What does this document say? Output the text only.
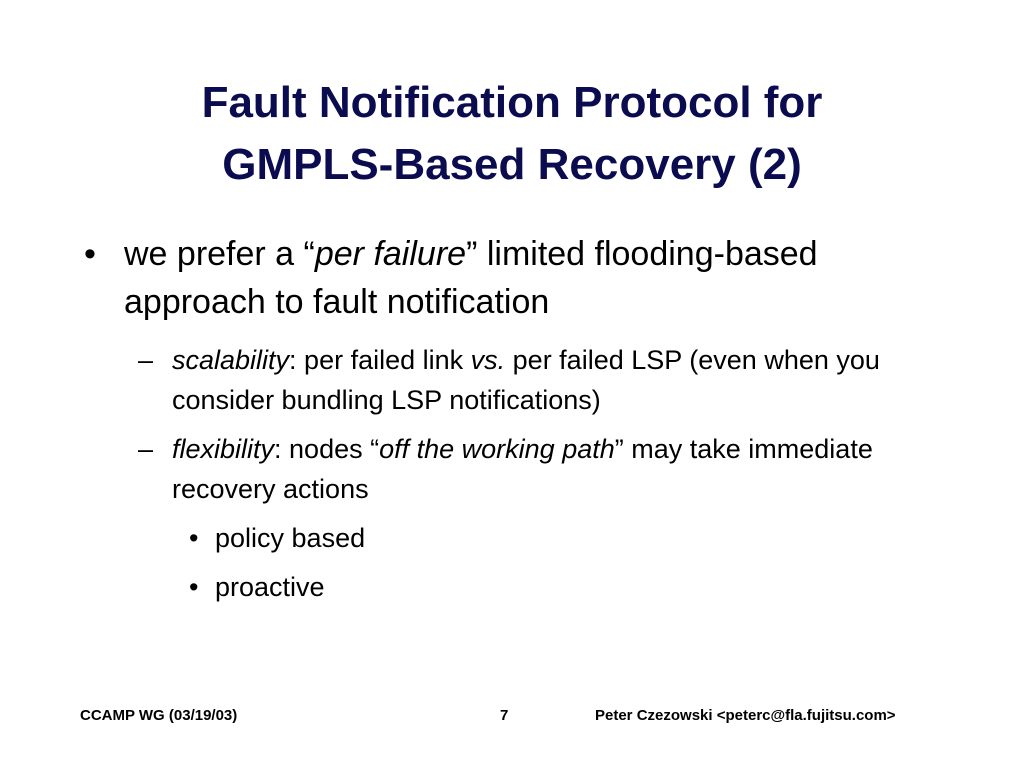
Fault Notification Protocol for
GMPLS-Based Recovery (2)
• we prefer a “per failure” limited flooding-based approach to fault notification
– scalability: per failed link vs. per failed LSP (even when you consider bundling LSP notifications)
– flexibility: nodes “off the working path” may take immediate recovery actions
• policy based
• proactive
CCAMP WG (03/19/03)	7	Peter Czezowski <peterc@fla.fujitsu.com>
